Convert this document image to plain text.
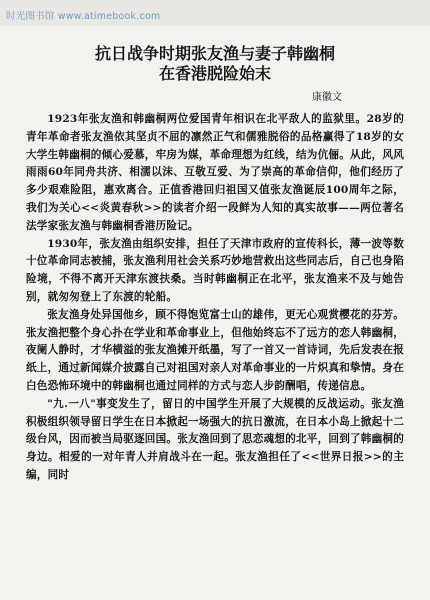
时光图书馆 www.atimebook.com
抗日战争时期张友渔与妻子韩幽桐
在香港脱险始末
康徽文

1923年张友渔和韩幽桐两位爱国青年相识在北平敌人的监狱里。28岁的青年革命者张友渔依其坚贞不屈的凛然正气和儒雅脱俗的品格赢得了18岁的女大学生韩幽桐的倾心爱慕，牢房为媒，革命理想为红线，结为伉俪。从此，风风雨雨60年同舟共济、相濡以沫、互敬互爱、为了崇高的革命信仰，他们经历了多少艰难险阻，惠欢离合。正值香港回归祖国又值张友渔诞辰100周年之际，我们为关心<<炎黄春秋>>的读者介绍一段鲜为人知的真实故事——两位著名法学家张友渔与韩幽桐香港历险记。

1930年，张友渔由组织安排，担任了天津市政府的宣传科长，薄一波等数十位革命同志被捕，张友渔利用社会关系巧妙地营救出这些同志后，自己也身陷险境，不得不离开天津东渡扶桑。当时韩幽桐正在北平，张友渔来不及与她告别，就匆匆登上了东渡的轮船。

张友渔身处异国他乡，顾不得饱览富士山的雄伟，更无心观赏樱花的芬芳。张友渔把整个身心扑在学业和革命事业上，但他始终忘不了远方的恋人韩幽桐，夜阑人静时，才华横溢的张友渔摊开纸墨，写了一首又一首诗词，先后发表在报纸上，通过新闻媒介披露自己对祖国对亲人对革命事业的一片炽真和挚情。身在白色恐怖环境中的韩幽桐也通过同样的方式与恋人步韵酬唱，传递信息。

"九.一八"事变发生了，留日的中国学生开展了大规模的反战运动。张友渔积极组织领导留日学生在日本掀起一场强大的抗日激流，在日本小岛上掀起十二级台风，因而被当局驱逐回国。张友渔回到了思恋魂想的北平，回到了韩幽桐的身边。相爱的一对年青人并肩战斗在一起。张友渔担任了<<世界日报>>的主编，同时
